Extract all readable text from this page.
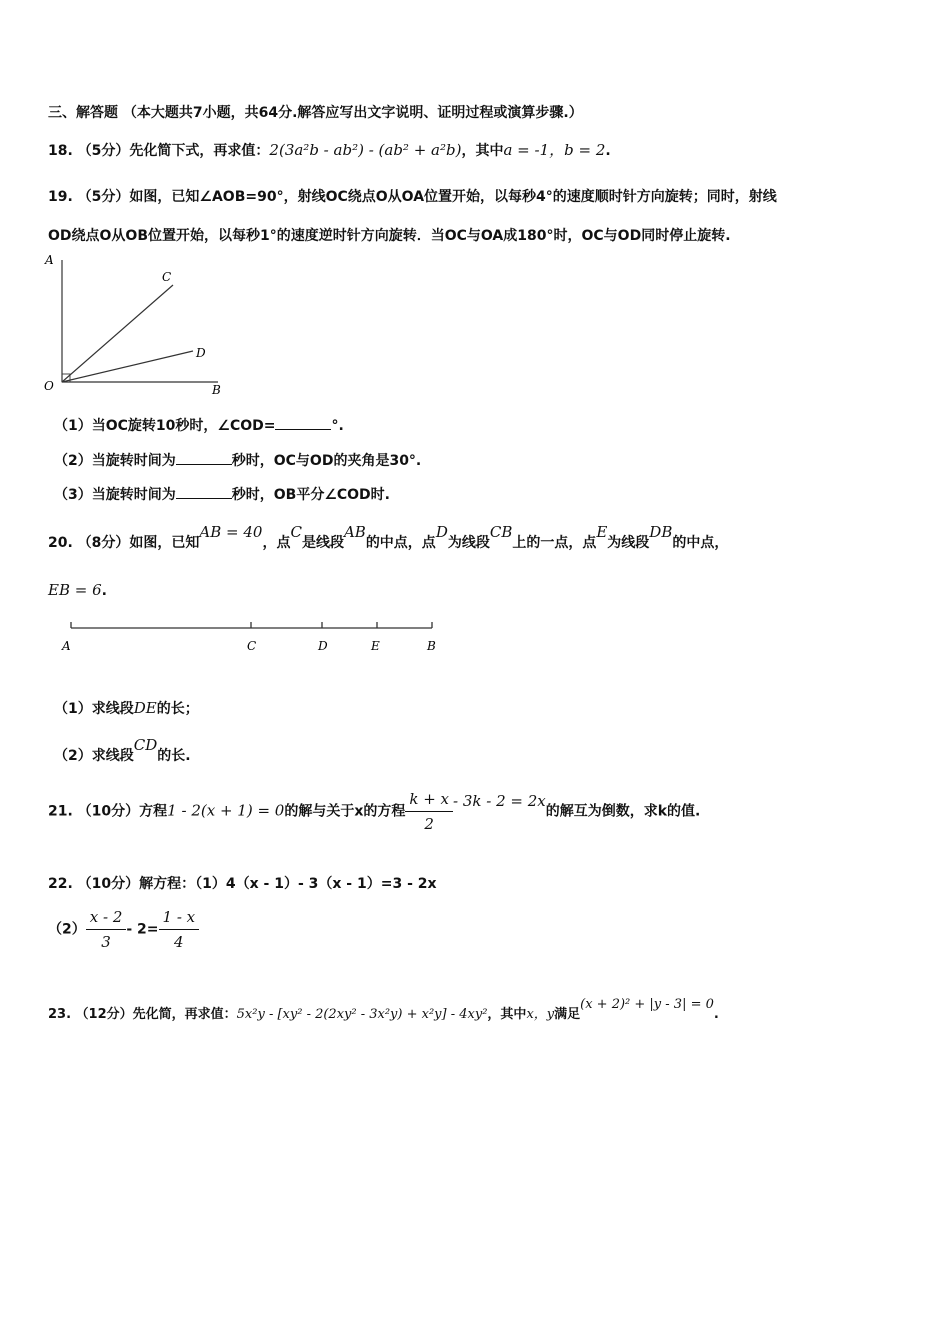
三、解答题 （本大题共7小题，共64分.解答应写出文字说明、证明过程或演算步骤.）
18. （5分）先化简下式，再求值：2(3a²b - ab²) - (ab² + a²b)，其中a = -1，b = 2.
19. （5分）如图，已知∠AOB=90°，射线OC绕点O从OA位置开始，以每秒4°的速度顺时针方向旋转；同时，射线
OD绕点O从OB位置开始，以每秒1°的速度逆时针方向旋转．当OC与OA成180°时，OC与OD同时停止旋转.
A
C
D
O	B
（1）当OC旋转10秒时，∠COD=	°.
（2）当旋转时间为	秒时，OC与OD的夹角是30°.
（3）当旋转时间为	秒时，OB平分∠COD时.
20. （8分）如图，已知AB = 40，点C是线段AB的中点，点D为线段CB上的一点，点E为线段DB的中点，
EB = 6.
A	C	D	E	B
（1）求线段DE的长；
（2）求线段CD的长.
21. （10分）方程1 - 2(x + 1) = 0的解与关于x的方程 $\frac{k + x}{2} - 3k - 2 = 2x$的解互为倒数，求k的值.
22. （10分）解方程：（1）4（x - 1）- 3（x - 1）=3 - 2x
$(2) \frac{x - 2}{3} - 2= \frac{1 - x}{4}$
23. （12分）先化简，再求值：5x²y - [xy² - 2(2xy² - 3x²y) + x²y] - 4xy²，其中x，y满足(x + 2)² + |y - 3| = 0.
